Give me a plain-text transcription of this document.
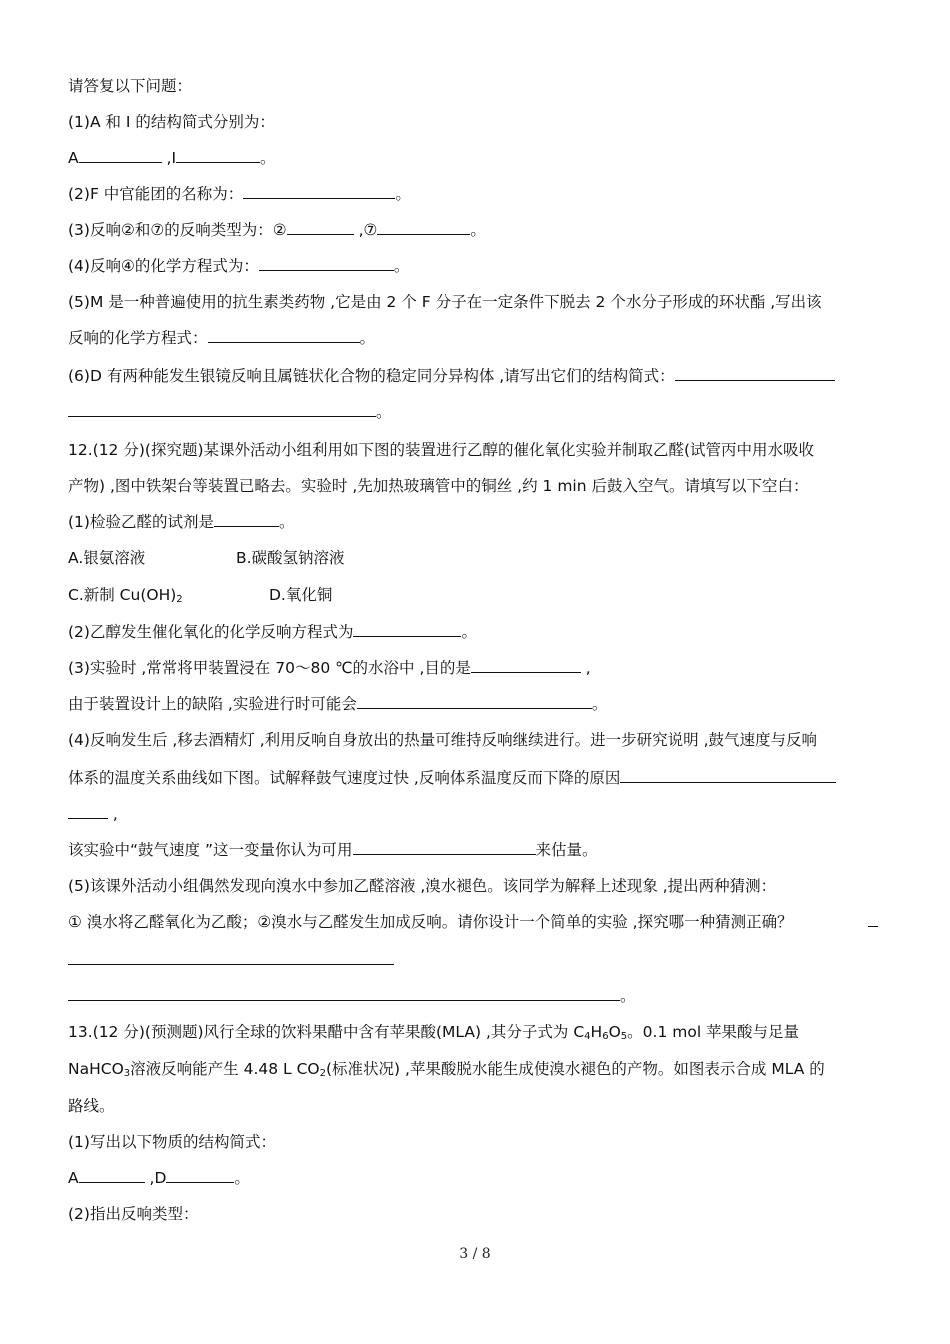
请答复以下问题：
(1)A 和 I 的结构简式分别为：
A	,I	。
(2)F 中官能团的名称为：	。
(3)反响②和⑦的反响类型为：②	,⑦	。
(4)反响④的化学方程式为：	。
(5)M 是一种普遍使用的抗生素类药物 ,它是由 2 个 F 分子在一定条件下脱去 2 个水分子形成的环状酯 ,写出该
反响的化学方程式：	。
(6)D 有两种能发生银镜反响且属链状化合物的稳定同分异构体 ,请写出它们的结构简式：
。
12.(12 分)(探究题)某课外活动小组利用如下图的装置进行乙醇的催化氧化实验并制取乙醛(试管丙中用水吸收
产物) ,图中铁架台等装置已略去。实验时 ,先加热玻璃管中的铜丝 ,约 1 min 后鼓入空气。请填写以下空白：
(1)检验乙醛的试剂是	。
A.银氨溶液	B.碳酸氢钠溶液
C.新制 $Cu(OH)_2$	D.氧化铜
(2)乙醇发生催化氧化的化学反响方程式为	。
(3)实验时 ,常常将甲装置浸在 70～80 ℃的水浴中 ,目的是	,
由于装置设计上的缺陷 ,实验进行时可能会	。
(4)反响发生后 ,移去酒精灯 ,利用反响自身放出的热量可维持反响继续进行。进一步研究说明 ,鼓气速度与反响
体系的温度关系曲线如下图。试解释鼓气速度过快 ,反响体系温度反而下降的原因
,
该实验中“鼓气速度 ”这一变量你认为可用	来估量。
(5)该课外活动小组偶然发现向溴水中参加乙醛溶液 ,溴水褪色。该同学为解释上述现象 ,提出两种猜测：
① 溴水将乙醛氧化为乙酸；②溴水与乙醛发生加成反响。请你设计一个简单的实验 ,探究哪一种猜测正确？
。
13.(12 分)(预测题)风行全球的饮料果醋中含有苹果酸(MLA) ,其分子式为 $C_4H_6O_5$。0.1 mol 苹果酸与足量
NaHCO$_3$溶液反响能产生 4.48 L $CO_2$(标准状况) ,苹果酸脱水能生成使溴水褪色的产物。如图表示合成 MLA 的
路线。
(1)写出以下物质的结构简式：
A	,D	。
(2)指出反响类型：
3 / 8
